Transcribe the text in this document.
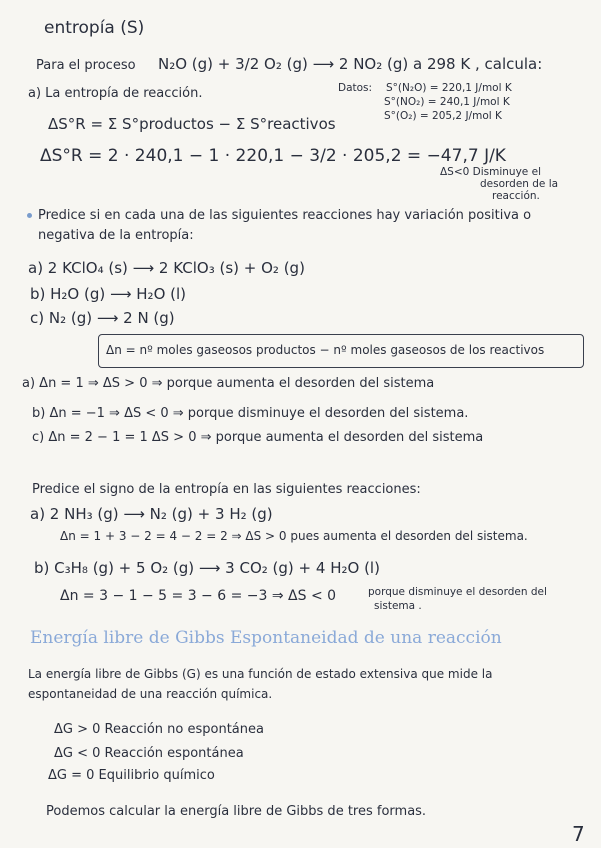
entropía (S)
Para el proceso N₂O (g) + 3/2 O₂ (g) ⟶ 2 NO₂ (g) a 298 K , calcula:
a) La entropía de reacción.	Datos: S°(N₂O) = 220,1 J/mol K
S°(NO₂) = 240,1 J/mol K
S°(O₂) = 205,2 J/mol K
ΔS°R = Σ S°productos − Σ S°reactivos
ΔS°R = 2 · 240,1 − 1 · 220,1 − 3/2 · 205,2 = −47,7 J/K
ΔS<0 Disminuye el
desorden de la
reacción.
Predice si en cada una de las siguientes reacciones hay variación positiva o
negativa de la entropía:
a) 2 KClO₄ (s) ⟶ 2 KClO₃ (s) + O₂ (g)
b) H₂O (g) ⟶ H₂O (l)
c) N₂ (g) ⟶ 2 N (g)
Δn = nº moles gaseosos productos − nº moles gaseosos de los reactivos
a) Δn = 1 ⇒ ΔS > 0 ⇒ porque aumenta el desorden del sistema
b) Δn = −1 ⇒ ΔS < 0 ⇒ porque disminuye el desorden del sistema.
c) Δn = 2 − 1 = 1 ΔS > 0 ⇒ porque aumenta el desorden del sistema
Predice el signo de la entropía en las siguientes reacciones:
a) 2 NH₃ (g) ⟶ N₂ (g) + 3 H₂ (g)
Δn = 1 + 3 − 2 = 4 − 2 = 2 ⇒ ΔS > 0 pues aumenta el desorden del sistema.
b) C₃H₈ (g) + 5 O₂ (g) ⟶ 3 CO₂ (g) + 4 H₂O (l)
Δn = 3 − 1 − 5 = 3 − 6 = −3 ⇒ ΔS < 0	porque disminuye el desorden del
sistema .
Energía libre de Gibbs Espontaneidad de una reacción
La energía libre de Gibbs (G) es una función de estado extensiva que mide la
espontaneidad de una reacción química.
ΔG > 0 Reacción no espontánea
ΔG < 0 Reacción espontánea
ΔG = 0 Equilibrio químico
Podemos calcular la energía libre de Gibbs de tres formas.
7
